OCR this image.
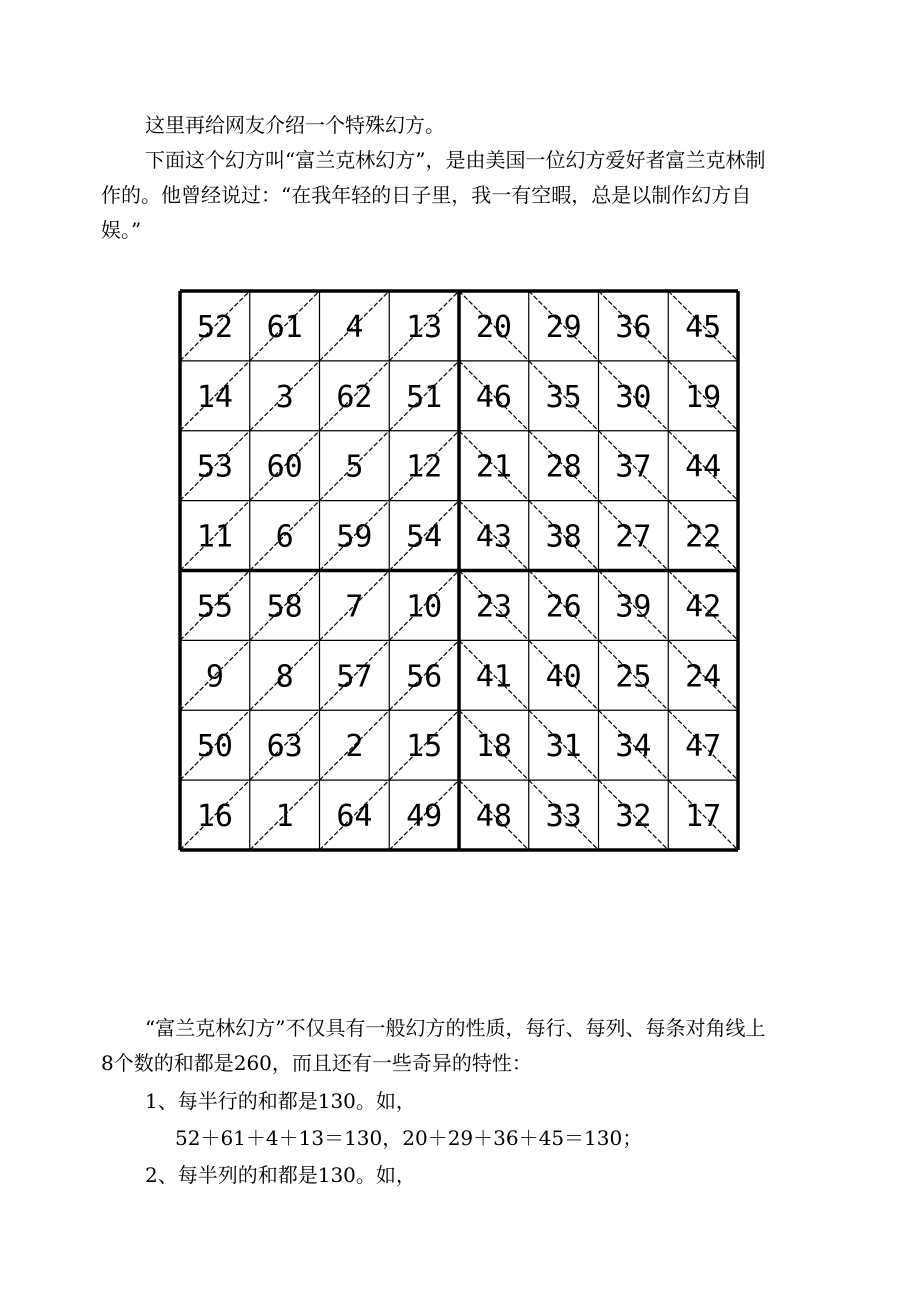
这里再给网友介绍一个特殊幻方。
下面这个幻方叫“富兰克林幻方”，是由美国一位幻方爱好者富兰克林制
作的。他曾经说过：“在我年轻的日子里，我一有空暇，总是以制作幻方自
娱。”
52 61 4 13 20 29 36 45
14 3 62 51 46 35 30 19
53 60 5 12 21 28 37 44
11 6 59 54 43 38 27 22
55 58 7 10 23 26 39 42
9 8 57 56 41 40 25 24
50 63 2 15 18 31 34 47
16 1 64 49 48 33 32 17
“富兰克林幻方”不仅具有一般幻方的性质，每行、每列、每条对角线上
8个数的和都是260，而且还有一些奇异的特性：
1、每半行的和都是130。如，
52＋61＋4＋13＝130，20＋29＋36＋45＝130；
2、每半列的和都是130。如，
